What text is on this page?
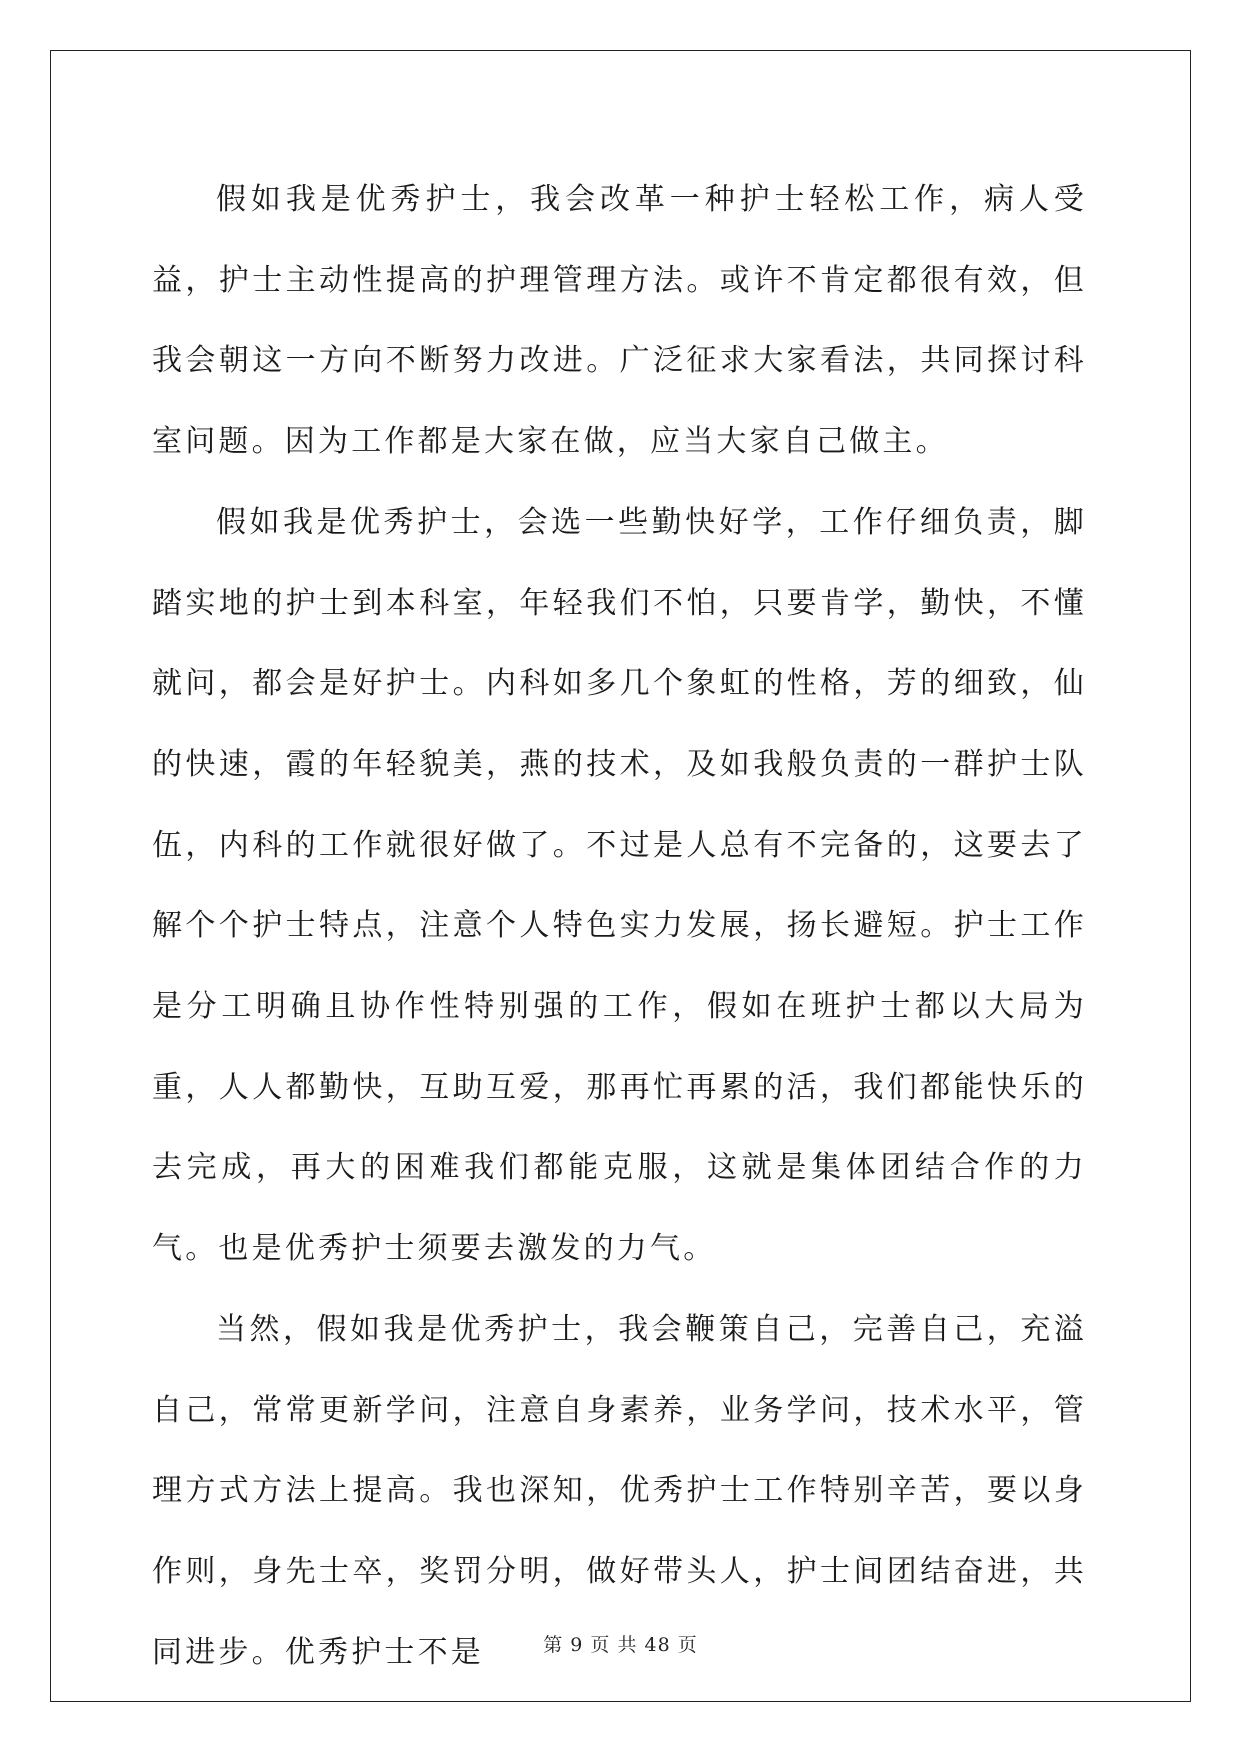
假如我是优秀护士，我会改革一种护士轻松工作，病人受益，护士主动性提高的护理管理方法。或许不肯定都很有效，但我会朝这一方向不断努力改进。广泛征求大家看法，共同探讨科室问题。因为工作都是大家在做，应当大家自己做主。

假如我是优秀护士，会选一些勤快好学，工作仔细负责，脚踏实地的护士到本科室，年轻我们不怕，只要肯学，勤快，不懂就问，都会是好护士。内科如多几个象虹的性格，芳的细致，仙的快速，霞的年轻貌美，燕的技术，及如我般负责的一群护士队伍，内科的工作就很好做了。不过是人总有不完备的，这要去了解个个护士特点，注意个人特色实力发展，扬长避短。护士工作是分工明确且协作性特别强的工作，假如在班护士都以大局为重，人人都勤快，互助互爱，那再忙再累的活，我们都能快乐的去完成，再大的困难我们都能克服，这就是集体团结合作的力气。也是优秀护士须要去激发的力气。

当然，假如我是优秀护士，我会鞭策自己，完善自己，充溢自己，常常更新学问，注意自身素养，业务学问，技术水平，管理方式方法上提高。我也深知，优秀护士工作特别辛苦，要以身作则，身先士卒，奖罚分明，做好带头人，护士间团结奋进，共同进步。优秀护士不是	第 9 页 共 48 页
